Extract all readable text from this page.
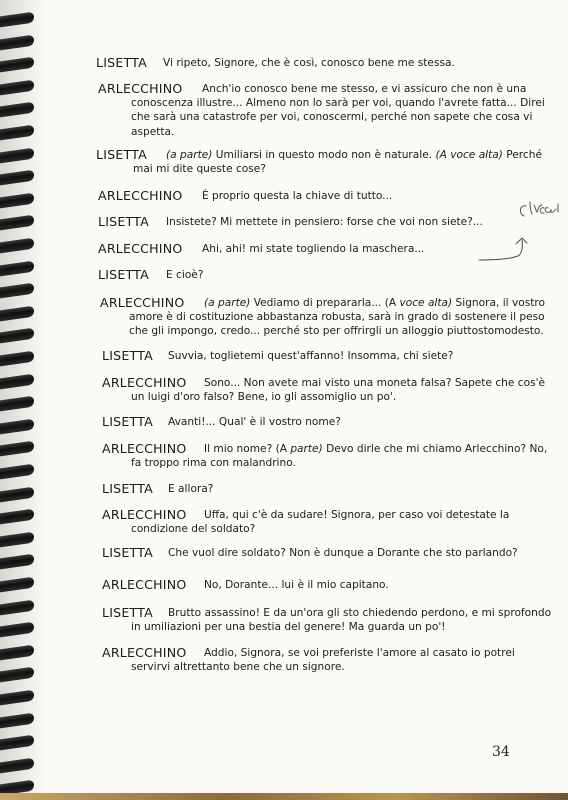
LISETTA Vi ripeto, Signore, che è così, conosco bene me stessa.
ARLECCHINO Anch'io conosco bene me stesso, e vi assicuro che non è una
conoscenza illustre... Almeno non lo sarà per voi, quando l'avrete fatta... Direi
che sarà una catastrofe per voi, conoscermi, perché non sapete che cosa vi
aspetta.
LISETTA (a parte) Umiliarsi in questo modo non è naturale. (A voce alta) Perché
mai mi dite queste cose?
ARLECCHINO È proprio questa la chiave di tutto...
LISETTA Insistete? Mi mettete in pensiero: forse che voi non siete?...
ARLECCHINO Ahi, ahi! mi state togliendo la maschera...
LISETTA E cioè?
ARLECCHINO (a parte) Vediamo di prepararla... (A voce alta) Signora, il vostro
amore è di costituzione abbastanza robusta, sarà in grado di sostenere il peso
che gli impongo, credo... perché sto per offrirgli un alloggio piuttostomodesto.
LISETTA Suvvia, toglietemi quest'affanno! Insomma, chi siete?
ARLECCHINO Sono... Non avete mai visto una moneta falsa? Sapete che cos'è
un luigi d'oro falso? Bene, io gli assomiglio un po'.
LISETTA Avanti!... Qual' è il vostro nome?
ARLECCHINO Il mio nome? (A parte) Devo dirle che mi chiamo Arlecchino? No,
fa troppo rima con malandrino.
LISETTA E allora?
ARLECCHINO Uffa, qui c'è da sudare! Signora, per caso voi detestate la
condizione del soldato?
LISETTA Che vuol dire soldato? Non è dunque a Dorante che sto parlando?
ARLECCHINO No, Dorante... lui è il mio capitano.
LISETTA Brutto assassino! E da un'ora gli sto chiedendo perdono, e mi sprofondo
in umiliazioni per una bestia del genere! Ma guarda un po'!
ARLECCHINO Addio, Signora, se voi preferiste l'amore al casato io potrei
servirvi altrettanto bene che un signore.
34
